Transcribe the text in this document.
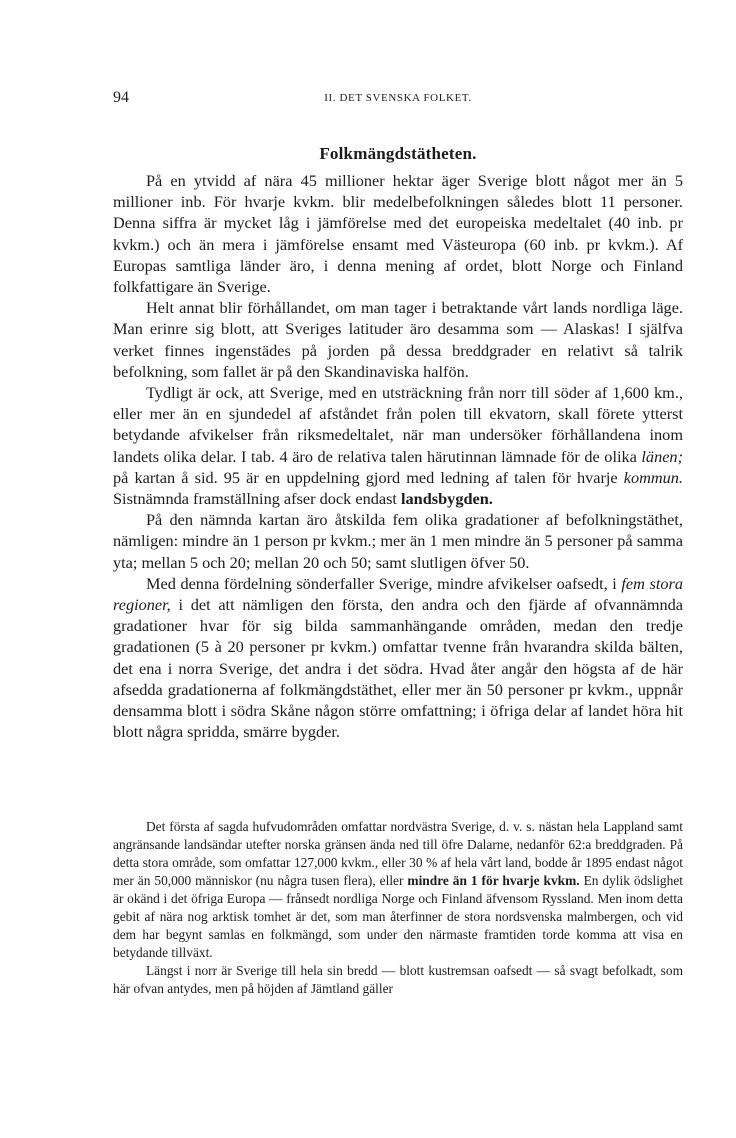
94	II. DET SVENSKA FOLKET.
Folkmängdstätheten.

På en ytvidd af nära 45 millioner hektar äger Sverige blott något mer än 5 millioner inb. För hvarje kvkm. blir medelbefolkningen således blott 11 personer. Denna siffra är mycket låg i jämförelse med det europeiska medeltalet (40 inb. pr kvkm.) och än mera i jämförelse ensamt med Västeuropa (60 inb. pr kvkm.). Af Europas samtliga länder äro, i denna mening af ordet, blott Norge och Finland folkfattigare än Sverige.

Helt annat blir förhållandet, om man tager i betraktande vårt lands nordliga läge. Man erinre sig blott, att Sveriges latituder äro desamma som — Alaskas! I själfva verket finnes ingenstädes på jorden på dessa breddgrader en relativt så talrik befolkning, som fallet är på den Skandinaviska halfön.

Tydligt är ock, att Sverige, med en utsträckning från norr till söder af 1,600 km., eller mer än en sjundedel af afståndet från polen till ekvatorn, skall förete ytterst betydande afvikelser från riksmedeltalet, när man undersöker förhållandena inom landets olika delar. I tab. 4 äro de relativa talen härutinnan lämnade för de olika länen; på kartan å sid. 95 är en uppdelning gjord med ledning af talen för hvarje kommun. Sistnämnda framställning afser dock endast landsbygden.

På den nämnda kartan äro åtskilda fem olika gradationer af befolkningstäthet, nämligen: mindre än 1 person pr kvkm.; mer än 1 men mindre än 5 personer på samma yta; mellan 5 och 20; mellan 20 och 50; samt slutligen öfver 50.

Med denna fördelning sönderfaller Sverige, mindre afvikelser oafsedt, i fem stora regioner, i det att nämligen den första, den andra och den fjärde af ofvannämnda gradationer hvar för sig bilda sammanhängande områden, medan den tredje gradationen (5 à 20 personer pr kvkm.) omfattar tvenne från hvarandra skilda bälten, det ena i norra Sverige, det andra i det södra. Hvad åter angår den högsta af de här afsedda gradationerna af folkmängdstäthet, eller mer än 50 personer pr kvkm., uppnår densamma blott i södra Skåne någon större omfattning; i öfriga delar af landet höra hit blott några spridda, smärre bygder.

Det första af sagda hufvudområden omfattar nordvästra Sverige, d. v. s. nästan hela Lappland samt angränsande landsändar utefter norska gränsen ända ned till öfre Dalarne, nedanför 62:a breddgraden. På detta stora område, som omfattar 127,000 kvkm., eller 30 % af hela vårt land, bodde år 1895 endast något mer än 50,000 människor (nu några tusen flera), eller mindre än 1 för hvarje kvkm. En dylik ödslighet är okänd i det öfriga Europa — frånsedt nordliga Norge och Finland äfvensom Ryssland. Men inom detta gebit af nära nog arktisk tomhet är det, som man återfinner de stora nordsvenska malmbergen, och vid dem har begynt samlas en folkmängd, som under den närmaste framtiden torde komma att visa en betydande tillväxt.

Längst i norr är Sverige till hela sin bredd — blott kustremsan oafsedt — så svagt befolkadt, som här ofvan antydes, men på höjden af Jämtland gäller
